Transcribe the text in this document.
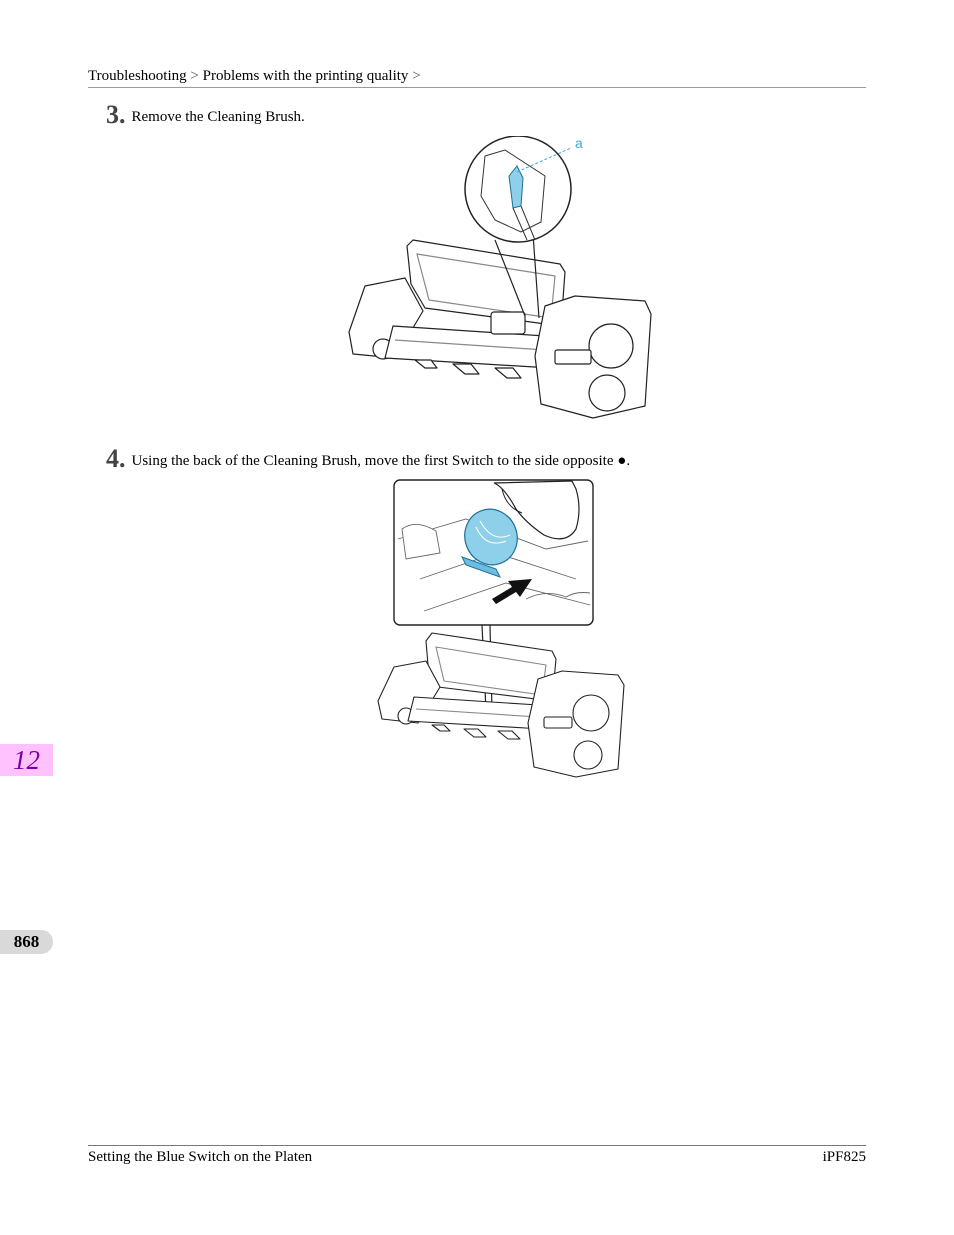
Troubleshooting > Problems with the printing quality >
3. Remove the Cleaning Brush.
a
4. Using the back of the Cleaning Brush, move the first Switch to the side opposite ●.
12
868
Setting the Blue Switch on the Platen	iPF825
